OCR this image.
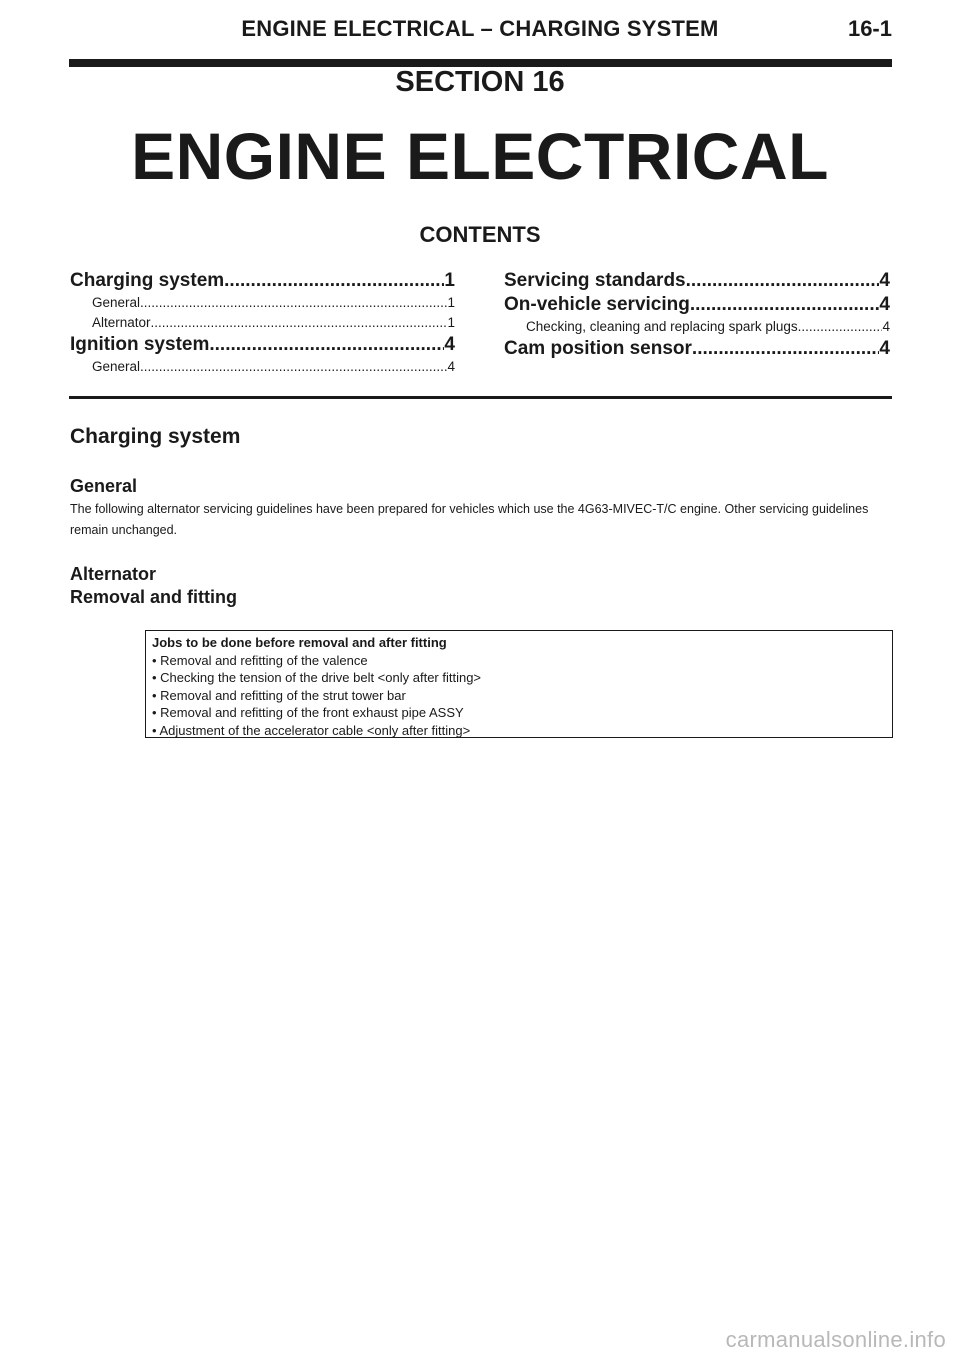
ENGINE ELECTRICAL – CHARGING SYSTEM	16-1
SECTION 16
ENGINE ELECTRICAL
CONTENTS
Charging system .....	1
General .....	1
Alternator .....	1
Ignition system .....	4
General .....	4
Servicing standards .....	4
On-vehicle servicing .....	4
Checking, cleaning and replacing spark plugs .....	4
Cam position sensor .....	4
Charging system
General
The following alternator servicing guidelines have been prepared for vehicles which use the 4G63-MIVEC-T/C engine. Other servicing guidelines remain unchanged.
Alternator
Removal and fitting
Jobs to be done before removal and after fitting
• Removal and refitting of the valence
• Checking the tension of the drive belt <only after fitting>
• Removal and refitting of the strut tower bar
• Removal and refitting of the front exhaust pipe ASSY
• Adjustment of the accelerator cable <only after fitting>
carmanualsonline.info
